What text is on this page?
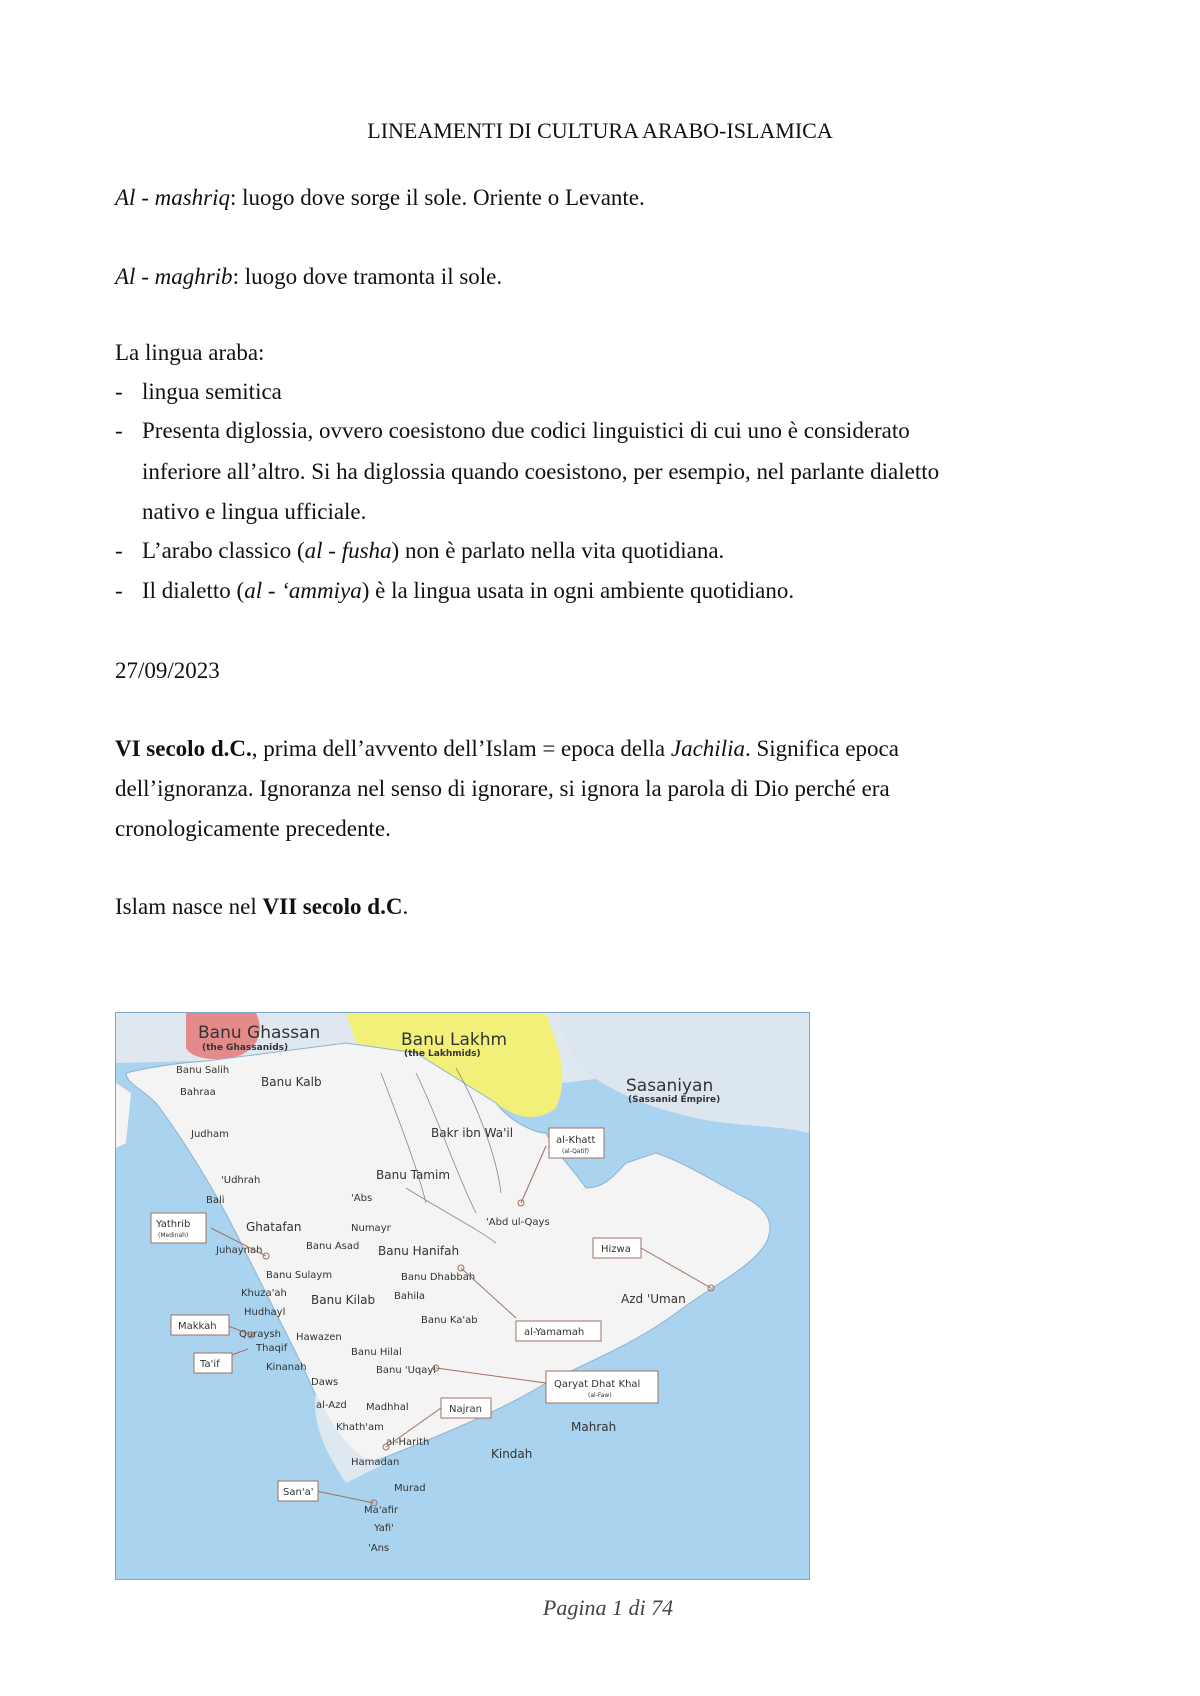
LINEAMENTI DI CULTURA ARABO-ISLAMICA
Al - mashriq: luogo dove sorge il sole. Oriente o Levante.
Al - maghrib: luogo dove tramonta il sole.
La lingua araba:
- lingua semitica
- Presenta diglossia, ovvero coesistono due codici linguistici di cui uno è considerato
inferiore all’altro. Si ha diglossia quando coesistono, per esempio, nel parlante dialetto
nativo e lingua ufficiale.
- L’arabo classico (al - fusha) non è parlato nella vita quotidiana.
- Il dialetto (al - ‘ammiya) è la lingua usata in ogni ambiente quotidiano.
27/09/2023
VI secolo d.C., prima dell’avvento dell’Islam = epoca della Jachilia. Significa epoca
dell’ignoranza. Ignoranza nel senso di ignorare, si ignora la parola di Dio perché era
cronologicamente precedente.
Islam nasce nel VII secolo d.C.
Banu Ghassan
(the Ghassanids)	Banu Lakhm
(the Lakhmids)
Sasaniyan
(Sassanid Empire)
Banu Salih
Bahraa
Banu Kalb
Judham	Bakr ibn Wa'il
'Udhrah	Banu Tamim
Bali	'Abs
Ghatafan	Numayr
'Abd ul-Qays
Juhaynah	Banu Asad Banu Hanifah
Banu Sulaym	Banu Dhabbah
Khuza'ah Banu Kilab Bahila	Azd 'Uman
Hudhayl
Banu Ka'ab
Quraysh Hawazen
Thaqif	Banu Hilal
Kinanah	Banu 'Uqayl
Daws
al-Azd Madhhal
Khath'am
al-Harith
Mahrah
Hamadan
Kindah
Murad
Ma'afir
Yafi'
'Ans
al-Khatt
(al-Qatif)
Yathrib
(Medinah)
Hizwa
Makkah
al-Yamamah
Ta'if
Qaryat Dhat Khal
(al-Faw)
Najran
San'a'
Pagina 1 di 74
